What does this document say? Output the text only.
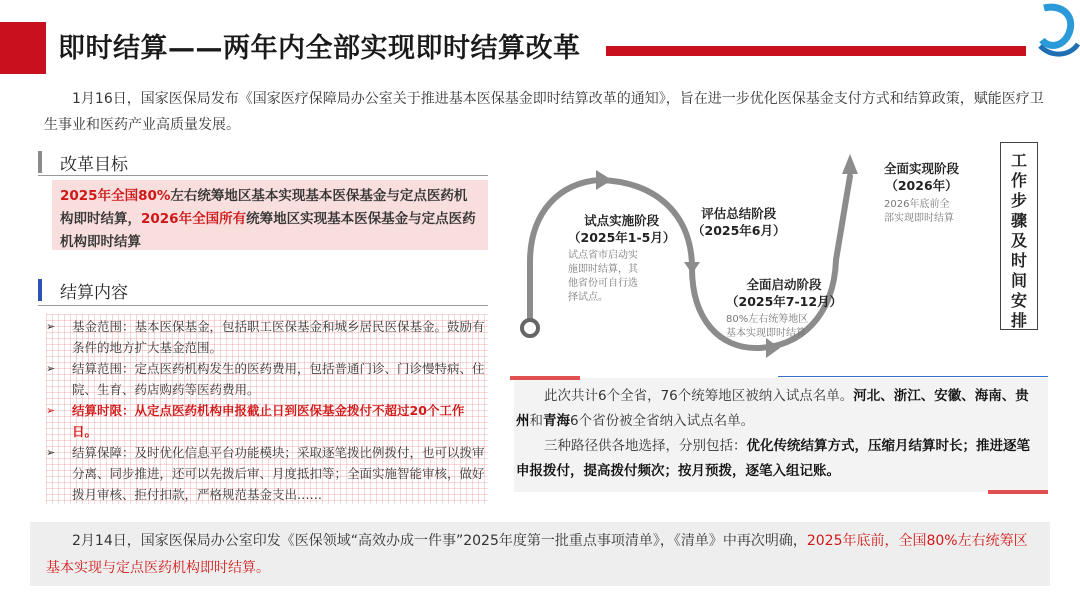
即时结算——两年内全部实现即时结算改革

1月16日，国家医保局发布《国家医疗保障局办公室关于推进基本医保基金即时结算改革的通知》，旨在进一步优化医保基金支付方式和结算政策，赋能医疗卫生事业和医药产业高质量发展。

改革目标
2025年全国80%左右统筹地区基本实现基本医保基金与定点医药机构即时结算，2026年全国所有统筹地区实现基本医保基金与定点医药机构即时结算
结算内容
➢	基金范围：基本医保基金，包括职工医保基金和城乡居民医保基金。鼓励有条件的地方扩大基金范围。
➢	结算范围：定点医药机构发生的医药费用，包括普通门诊、门诊慢特病、住院、生育、药店购药等医药费用。
➢	结算时限：从定点医药机构申报截止日到医保基金拨付不超过20个工作日。
➢	结算保障：及时优化信息平台功能模块；采取逐笔拨比例拨付，也可以拨审分离、同步推进，还可以先拨后审、月度抵扣等；全面实施智能审核，做好拨月审核、拒付扣款，严格规范基金支出……
试点实施阶段
（2025年1-5月）
试点省市启动实
施即时结算，其
他省份可自行选
择试点。
评估总结阶段
（2025年6月）
全面启动阶段
（2025年7-12月）
80%左右统筹地区
基本实现即时结算
全面实现阶段
（2026年）
2026年底前全
部实现即时结算
工
作
步
骤
及
时
间
安
排

此次共计6个全省，76个统筹地区被纳入试点名单。河北、浙江、安徽、海南、贵州和青海6个省份被全省纳入试点名单。

三种路径供各地选择，分别包括：优化传统结算方式，压缩月结算时长；推进逐笔申报拨付，提高拨付频次；按月预拨，逐笔入组记账。

2月14日，国家医保局办公室印发《医保领域“高效办成一件事”2025年度第一批重点事项清单》，《清单》中再次明确，2025年底前，全国80%左右统筹区基本实现与定点医药机构即时结算。
